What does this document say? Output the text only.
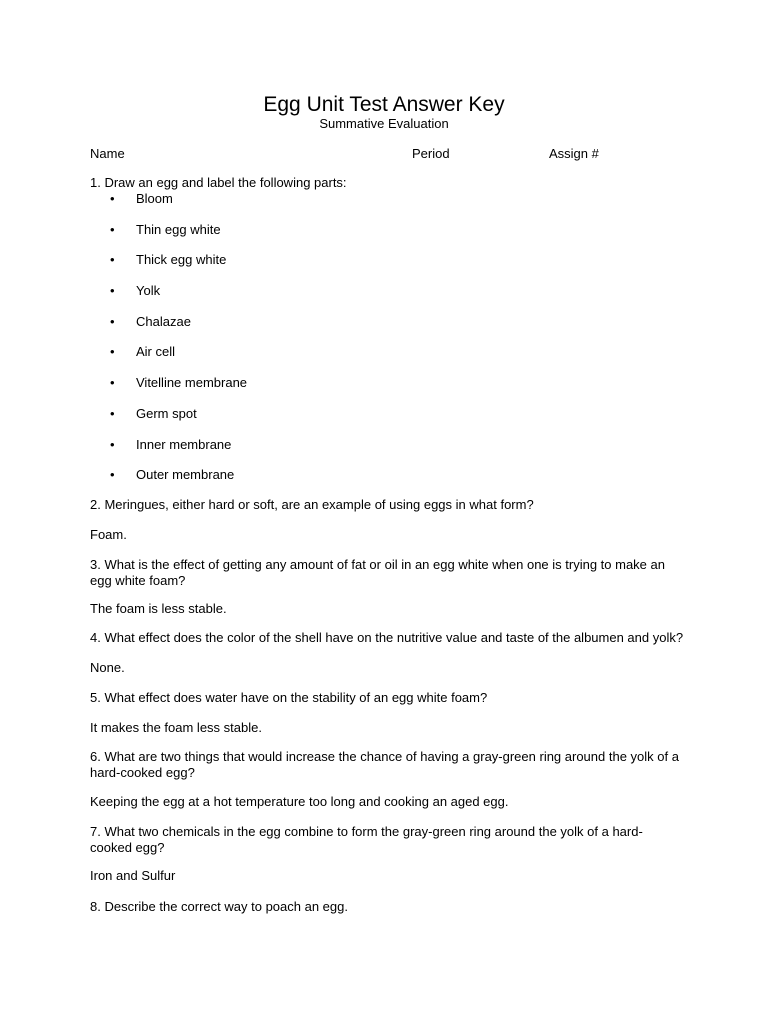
Egg Unit Test Answer Key
Summative Evaluation
Name	Period	Assign #
1. Draw an egg and label the following parts:
•	Bloom
•	Thin egg white
•	Thick egg white
•	Yolk
•	Chalazae
•	Air cell
•	Vitelline membrane
•	Germ spot
•	Inner membrane
•	Outer membrane
2. Meringues, either hard or soft, are an example of using eggs in what form?
Foam.
3. What is the effect of getting any amount of fat or oil in an egg white when one is trying to make an egg white foam?
The foam is less stable.
4. What effect does the color of the shell have on the nutritive value and taste of the albumen and yolk?
None.
5. What effect does water have on the stability of an egg white foam?
It makes the foam less stable.
6. What are two things that would increase the chance of having a gray-green ring around the yolk of a hard-cooked egg?
Keeping the egg at a hot temperature too long and cooking an aged egg.
7. What two chemicals in the egg combine to form the gray-green ring around the yolk of a hard-cooked egg?
Iron and Sulfur
8. Describe the correct way to poach an egg.
